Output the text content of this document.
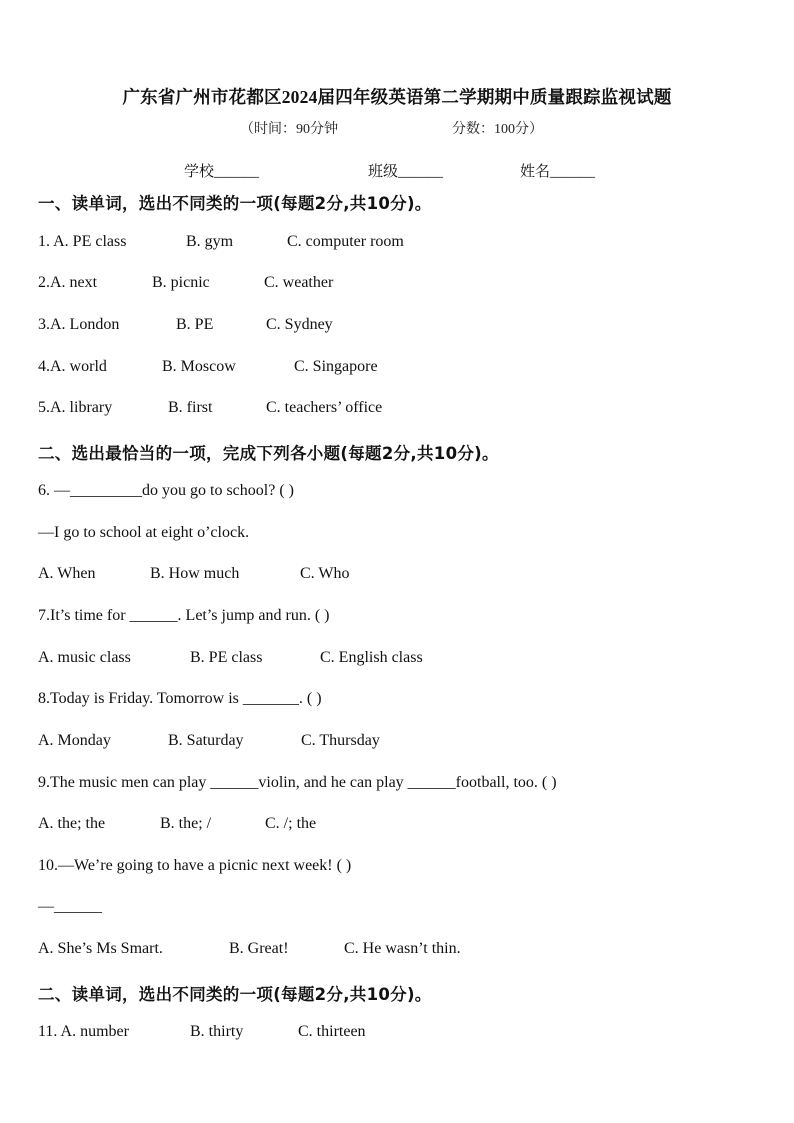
广东省广州市花都区2024届四年级英语第二学期期中质量跟踪监视试题
（时间：90分钟	分数：100分）
学校______	班级______	姓名______
一、读单词，选出不同类的一项(每题2分,共10分)。
1. A. PE class	B. gym	C. computer room
2.A. next	B. picnic	C. weather
3.A. London	B. PE	C. Sydney
4.A. world	B. Moscow	C. Singapore
5.A. library	B. first	C. teachers’ office
二、选出最恰当的一项，完成下列各小题(每题2分,共10分)。
6. —_________do you go to school? ( )
—I go to school at eight o’clock.
A. When	B. How much	C. Who
7.It’s time for ______. Let’s jump and run. ( )
A. music class	B. PE class	C. English class
8.Today is Friday. Tomorrow is _______. ( )
A. Monday	B. Saturday	C. Thursday
9.The music men can play ______violin, and he can play ______football, too. ( )
A. the; the	B. the; /	C. /; the
10.—We’re going to have a picnic next week! ( )
—______
A. She’s Ms Smart.	B. Great!	C. He wasn’t thin.
二、读单词，选出不同类的一项(每题2分,共10分)。
11. A. number	B. thirty	C. thirteen
